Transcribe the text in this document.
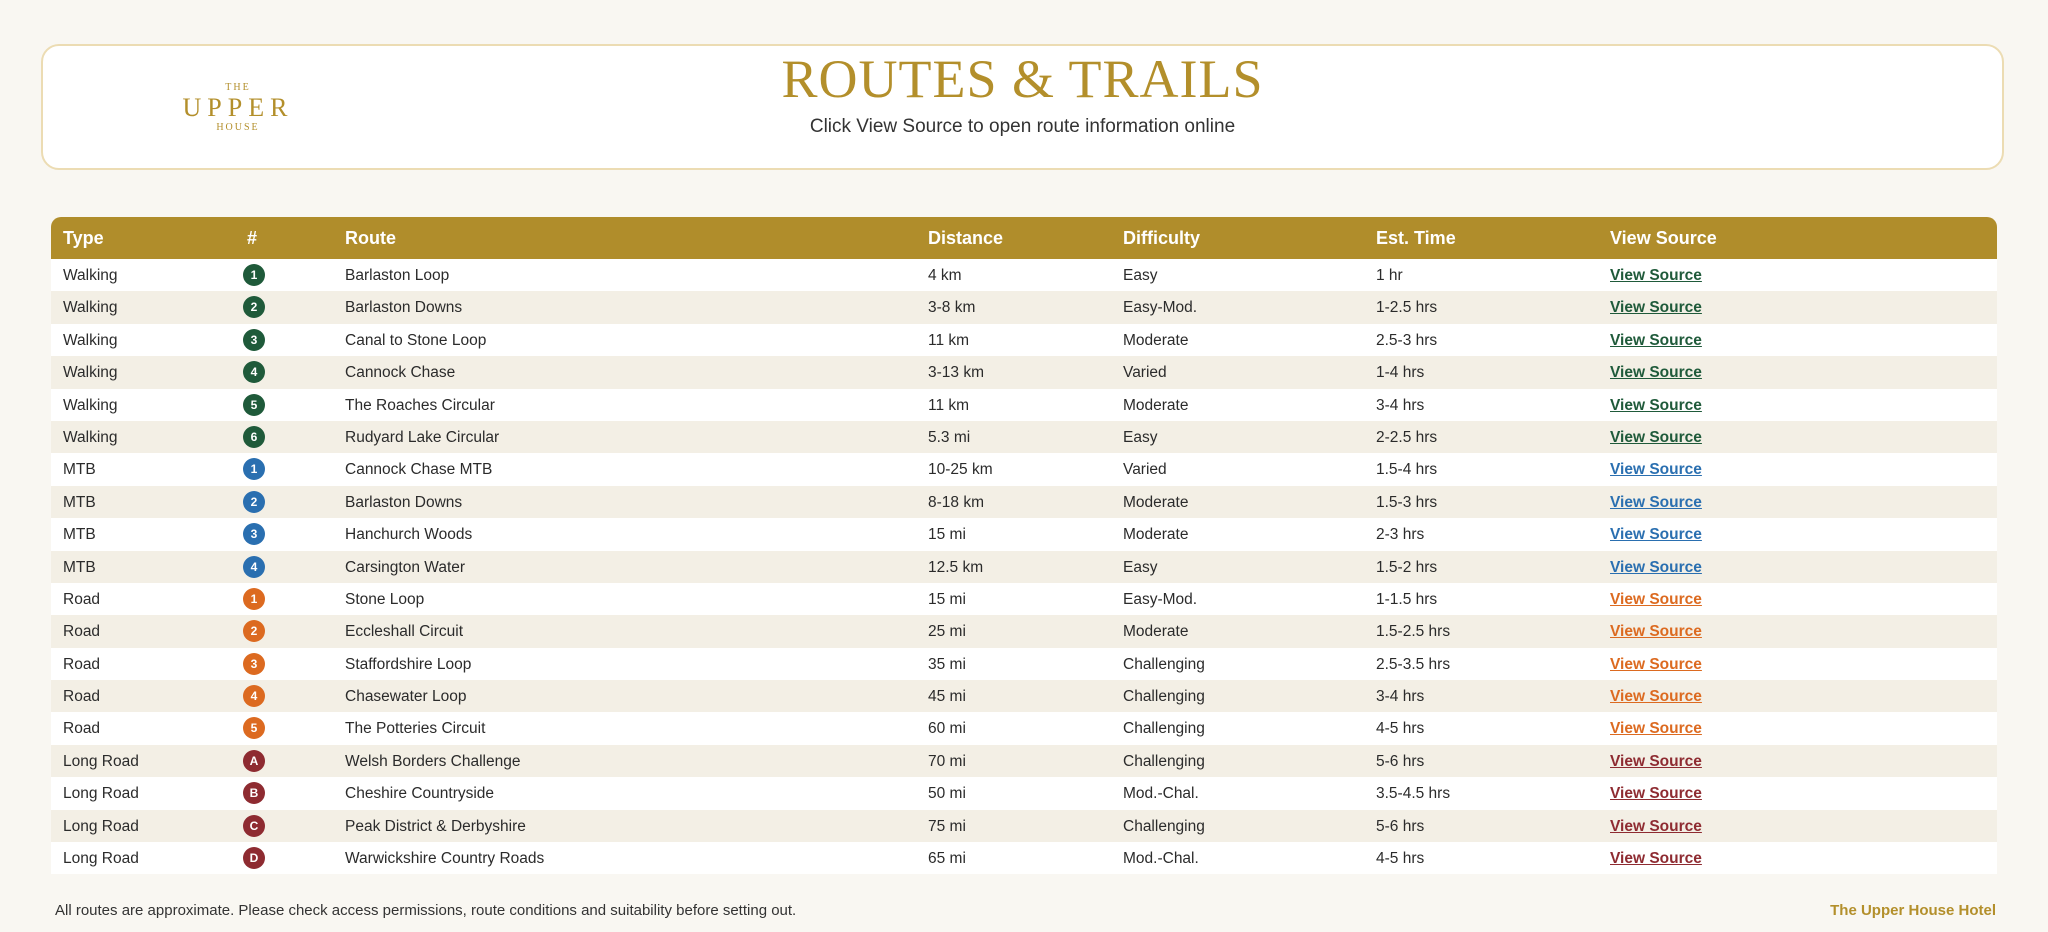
THE
UPPER
HOUSE
ROUTES & TRAILS
Click View Source to open route information online
Type	#	Route	Distance	Difficulty	Est. Time	View Source
Walking	1	Barlaston Loop	4 km	Easy	1 hr	View Source
Walking	2	Barlaston Downs	3-8 km	Easy-Mod.	1-2.5 hrs	View Source
Walking	3	Canal to Stone Loop	11 km	Moderate	2.5-3 hrs	View Source
Walking	4	Cannock Chase	3-13 km	Varied	1-4 hrs	View Source
Walking	5	The Roaches Circular	11 km	Moderate	3-4 hrs	View Source
Walking	6	Rudyard Lake Circular	5.3 mi	Easy	2-2.5 hrs	View Source
MTB	1	Cannock Chase MTB	10-25 km	Varied	1.5-4 hrs	View Source
MTB	2	Barlaston Downs	8-18 km	Moderate	1.5-3 hrs	View Source
MTB	3	Hanchurch Woods	15 mi	Moderate	2-3 hrs	View Source
MTB	4	Carsington Water	12.5 km	Easy	1.5-2 hrs	View Source
Road	1	Stone Loop	15 mi	Easy-Mod.	1-1.5 hrs	View Source
Road	2	Eccleshall Circuit	25 mi	Moderate	1.5-2.5 hrs	View Source
Road	3	Staffordshire Loop	35 mi	Challenging	2.5-3.5 hrs	View Source
Road	4	Chasewater Loop	45 mi	Challenging	3-4 hrs	View Source
Road	5	The Potteries Circuit	60 mi	Challenging	4-5 hrs	View Source
Long Road	A	Welsh Borders Challenge	70 mi	Challenging	5-6 hrs	View Source
Long Road	B	Cheshire Countryside	50 mi	Mod.-Chal.	3.5-4.5 hrs	View Source
Long Road	C	Peak District & Derbyshire	75 mi	Challenging	5-6 hrs	View Source
Long Road	D	Warwickshire Country Roads	65 mi	Mod.-Chal.	4-5 hrs	View Source
All routes are approximate. Please check access permissions, route conditions and suitability before setting out.	The Upper House Hotel
